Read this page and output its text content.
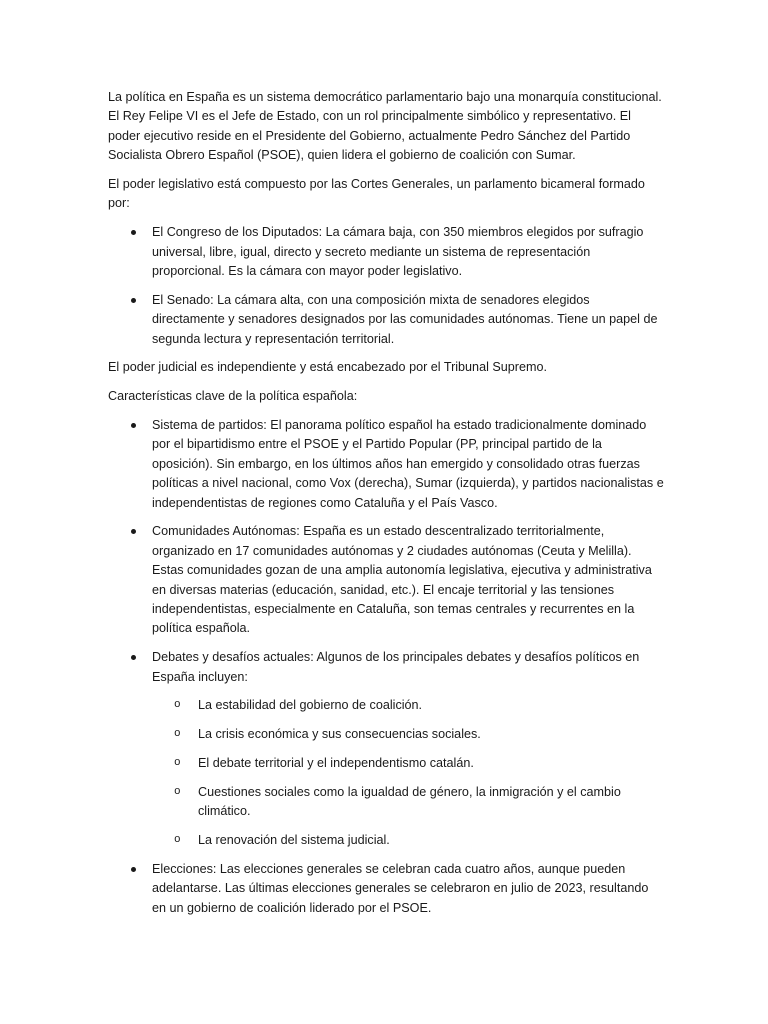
La política en España es un sistema democrático parlamentario bajo una monarquía constitucional. El Rey Felipe VI es el Jefe de Estado, con un rol principalmente simbólico y representativo. El poder ejecutivo reside en el Presidente del Gobierno, actualmente Pedro Sánchez del Partido Socialista Obrero Español (PSOE), quien lidera el gobierno de coalición con Sumar.

El poder legislativo está compuesto por las Cortes Generales, un parlamento bicameral formado por:

El Congreso de los Diputados: La cámara baja, con 350 miembros elegidos por sufragio universal, libre, igual, directo y secreto mediante un sistema de representación proporcional. Es la cámara con mayor poder legislativo.
El Senado: La cámara alta, con una composición mixta de senadores elegidos directamente y senadores designados por las comunidades autónomas. Tiene un papel de segunda lectura y representación territorial.

El poder judicial es independiente y está encabezado por el Tribunal Supremo.

Características clave de la política española:

Sistema de partidos: El panorama político español ha estado tradicionalmente dominado por el bipartidismo entre el PSOE y el Partido Popular (PP, principal partido de la oposición). Sin embargo, en los últimos años han emergido y consolidado otras fuerzas políticas a nivel nacional, como Vox (derecha), Sumar (izquierda), y partidos nacionalistas e independentistas de regiones como Cataluña y el País Vasco.
Comunidades Autónomas: España es un estado descentralizado territorialmente, organizado en 17 comunidades autónomas y 2 ciudades autónomas (Ceuta y Melilla). Estas comunidades gozan de una amplia autonomía legislativa, ejecutiva y administrativa en diversas materias (educación, sanidad, etc.). El encaje territorial y las tensiones independentistas, especialmente en Cataluña, son temas centrales y recurrentes en la política española.
Debates y desafíos actuales: Algunos de los principales debates y desafíos políticos en España incluyen:
o La estabilidad del gobierno de coalición.
o La crisis económica y sus consecuencias sociales.
o El debate territorial y el independentismo catalán.
o Cuestiones sociales como la igualdad de género, la inmigración y el cambio climático.
o La renovación del sistema judicial.
Elecciones: Las elecciones generales se celebran cada cuatro años, aunque pueden adelantarse. Las últimas elecciones generales se celebraron en julio de 2023, resultando en un gobierno de coalición liderado por el PSOE.
